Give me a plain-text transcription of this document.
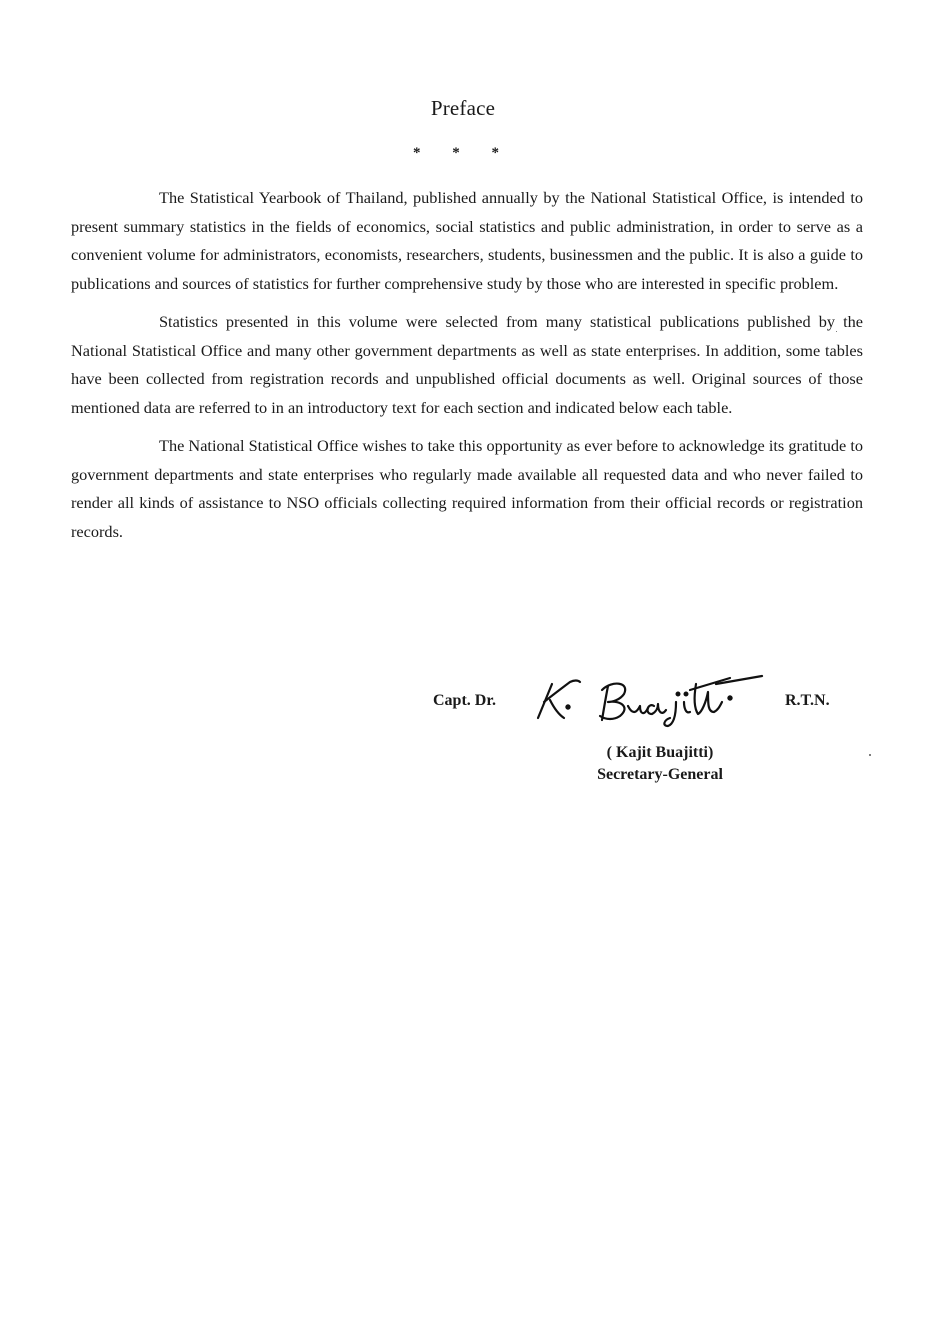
Preface
* * *

The Statistical Yearbook of Thailand, published annually by the National Statistical Office, is intended to present summary statistics in the fields of economics, social statistics and public administration, in order to serve as a convenient volume for administrators, economists, researchers, students, businessmen and the public. It is also a guide to publications and sources of statistics for further comprehensive study by those who are interested in specific problem.

Statistics presented in this volume were selected from many statistical publications published by the National Statistical Office and many other government departments as well as state enterprises. In addition, some tables have been collected from registration records and unpublished official documents as well. Original sources of those mentioned data are referred to in an introductory text for each section and indicated below each table.

The National Statistical Office wishes to take this opportunity as ever before to acknowledge its gratitude to government departments and state enterprises who regularly made available all requested data and who never failed to render all kinds of assistance to NSO officials collecting required information from their official records or registration records.

Capt. Dr.	R.T.N.
( Kajit Buajitti)
Secretary-General
